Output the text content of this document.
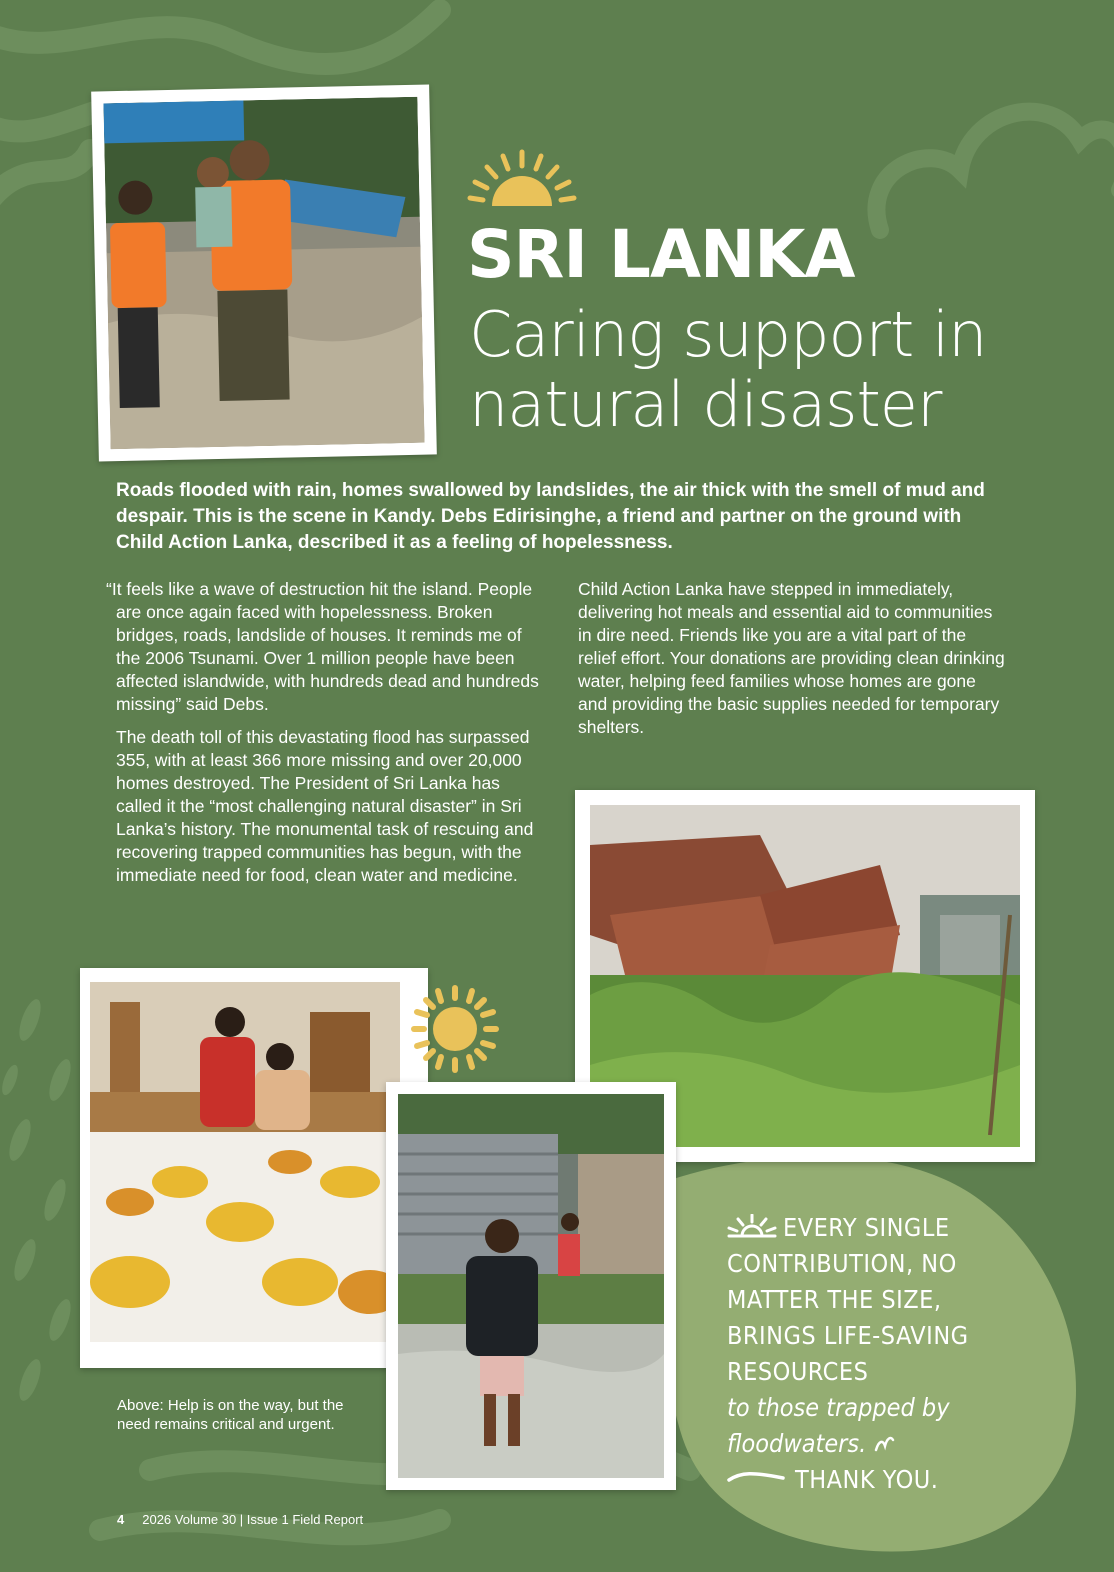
SRI LANKA
Caring support in natural disaster

Roads flooded with rain, homes swallowed by landslides, the air thick with the smell of mud and despair. This is the scene in Kandy. Debs Edirisinghe, a friend and partner on the ground with Child Action Lanka, described it as a feeling of hopelessness.

“It feels like a wave of destruction hit the island. People are once again faced with hopelessness. Broken bridges, roads, landslide of houses. It reminds me of the 2006 Tsunami. Over 1 million people have been affected islandwide, with hundreds dead and hundreds missing” said Debs.

The death toll of this devastating flood has surpassed 355, with at least 366 more missing and over 20,000 homes destroyed. The President of Sri Lanka has called it the “most challenging natural disaster” in Sri Lanka’s history. The monumental task of rescuing and recovering trapped communities has begun, with the immediate need for food, clean water and medicine.

Child Action Lanka have stepped in immediately, delivering hot meals and essential aid to communities in dire need. Friends like you are a vital part of the relief effort. Your donations are providing clean drinking water, helping feed families whose homes are gone and providing the basic supplies needed for temporary shelters.

Above: Help is on the way, but the need remains critical and urgent.

EVERY SINGLE CONTRIBUTION, NO MATTER THE SIZE, BRINGS LIFE-SAVING RESOURCES
to those trapped by floodwaters.
THANK YOU.

4 2026 Volume 30 | Issue 1 Field Report
